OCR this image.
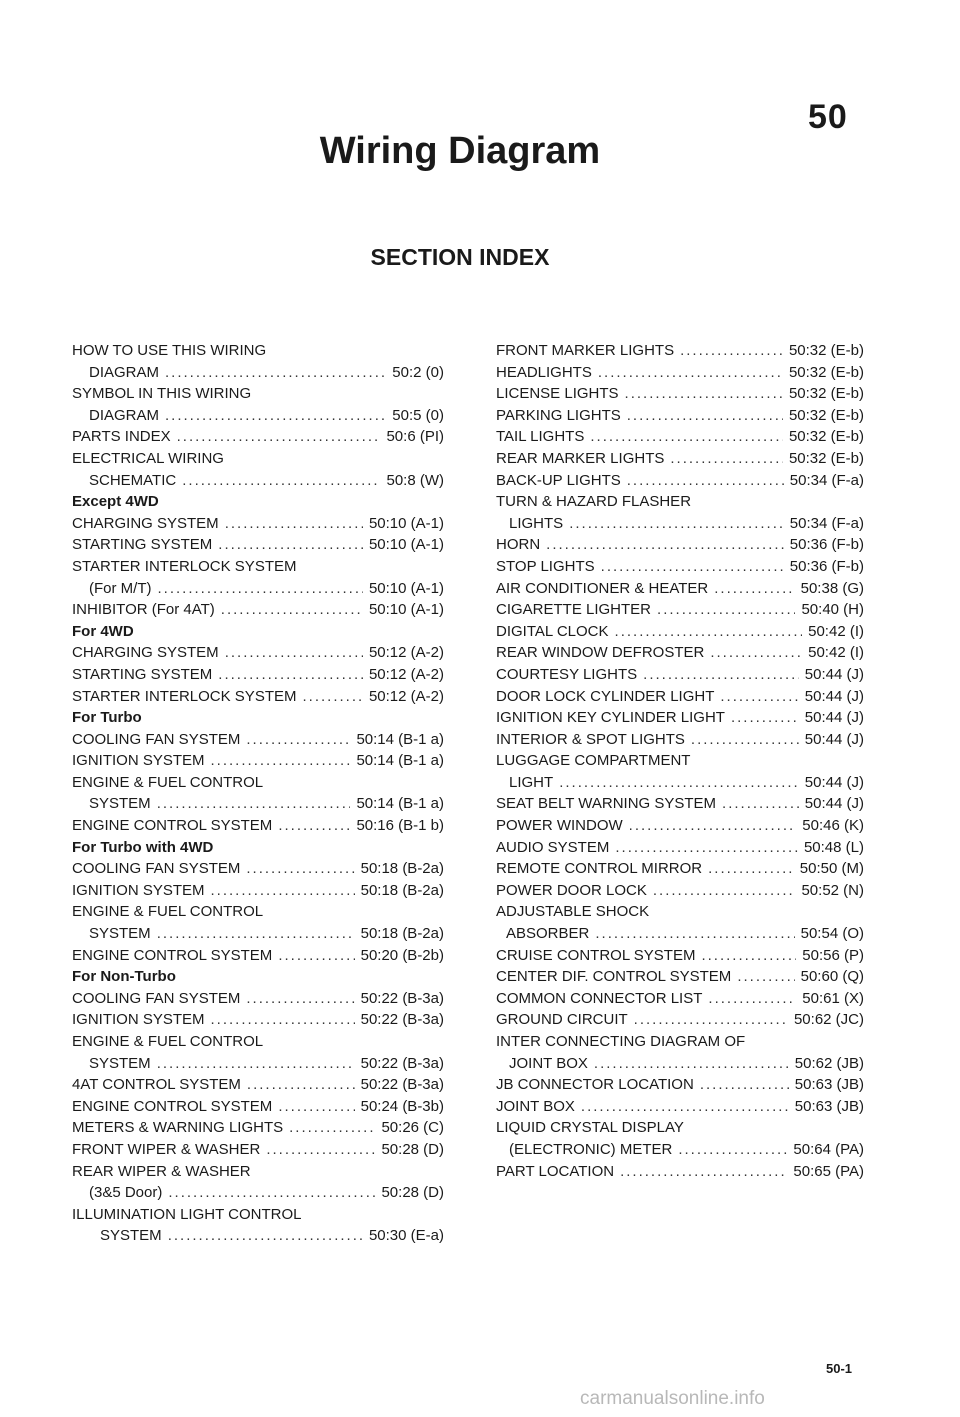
50
Wiring Diagram
SECTION INDEX
HOW TO USE THIS WIRING
DIAGRAM .....	50:2 (0)
SYMBOL IN THIS WIRING
DIAGRAM .....	50:5 (0)
PARTS INDEX .....	50:6 (PI)
ELECTRICAL WIRING
SCHEMATIC .....	50:8 (W)
Except 4WD
CHARGING SYSTEM .....	50:10 (A-1)
STARTING SYSTEM .....	50:10 (A-1)
STARTER INTERLOCK SYSTEM
(For M/T) .....	50:10 (A-1)
INHIBITOR (For 4AT) .....	50:10 (A-1)
For 4WD
CHARGING SYSTEM .....	50:12 (A-2)
STARTING SYSTEM .....	50:12 (A-2)
STARTER INTERLOCK SYSTEM .....	50:12 (A-2)
For Turbo
COOLING FAN SYSTEM .....	50:14 (B-1 a)
IGNITION SYSTEM .....	50:14 (B-1 a)
ENGINE & FUEL CONTROL
SYSTEM .....	50:14 (B-1 a)
ENGINE CONTROL SYSTEM .....	50:16 (B-1 b)
For Turbo with 4WD
COOLING FAN SYSTEM .....	50:18 (B-2a)
IGNITION SYSTEM .....	50:18 (B-2a)
ENGINE & FUEL CONTROL
SYSTEM .....	50:18 (B-2a)
ENGINE CONTROL SYSTEM .....	50:20 (B-2b)
For Non-Turbo
COOLING FAN SYSTEM .....	50:22 (B-3a)
IGNITION SYSTEM .....	50:22 (B-3a)
ENGINE & FUEL CONTROL
SYSTEM .....	50:22 (B-3a)
4AT CONTROL SYSTEM .....	50:22 (B-3a)
ENGINE CONTROL SYSTEM .....	50:24 (B-3b)
METERS & WARNING LIGHTS .....	50:26 (C)
FRONT WIPER & WASHER .....	50:28 (D)
REAR WIPER & WASHER
(3&5 Door) .....	50:28 (D)
ILLUMINATION LIGHT CONTROL
SYSTEM .....	50:30 (E-a)
FRONT MARKER LIGHTS .....	50:32 (E-b)
HEADLIGHTS .....	50:32 (E-b)
LICENSE LIGHTS .....	50:32 (E-b)
PARKING LIGHTS .....	50:32 (E-b)
TAIL LIGHTS .....	50:32 (E-b)
REAR MARKER LIGHTS .....	50:32 (E-b)
BACK-UP LIGHTS .....	50:34 (F-a)
TURN & HAZARD FLASHER
LIGHTS .....	50:34 (F-a)
HORN .....	50:36 (F-b)
STOP LIGHTS .....	50:36 (F-b)
AIR CONDITIONER & HEATER .....	50:38 (G)
CIGARETTE LIGHTER .....	50:40 (H)
DIGITAL CLOCK .....	50:42 (I)
REAR WINDOW DEFROSTER .....	50:42 (I)
COURTESY LIGHTS .....	50:44 (J)
DOOR LOCK CYLINDER LIGHT .....	50:44 (J)
IGNITION KEY CYLINDER LIGHT .....	50:44 (J)
INTERIOR & SPOT LIGHTS .....	50:44 (J)
LUGGAGE COMPARTMENT
LIGHT .....	50:44 (J)
SEAT BELT WARNING SYSTEM .....	50:44 (J)
POWER WINDOW .....	50:46 (K)
AUDIO SYSTEM .....	50:48 (L)
REMOTE CONTROL MIRROR .....	50:50 (M)
POWER DOOR LOCK .....	50:52 (N)
ADJUSTABLE SHOCK
ABSORBER .....	50:54 (O)
CRUISE CONTROL SYSTEM .....	50:56 (P)
CENTER DIF. CONTROL SYSTEM .....	50:60 (Q)
COMMON CONNECTOR LIST .....	50:61 (X)
GROUND CIRCUIT .....	50:62 (JC)
INTER CONNECTING DIAGRAM OF
JOINT BOX .....	50:62 (JB)
JB CONNECTOR LOCATION .....	50:63 (JB)
JOINT BOX .....	50:63 (JB)
LIQUID CRYSTAL DISPLAY
(ELECTRONIC) METER .....	50:64 (PA)
PART LOCATION .....	50:65 (PA)
50-1
carmanualsonline.info
